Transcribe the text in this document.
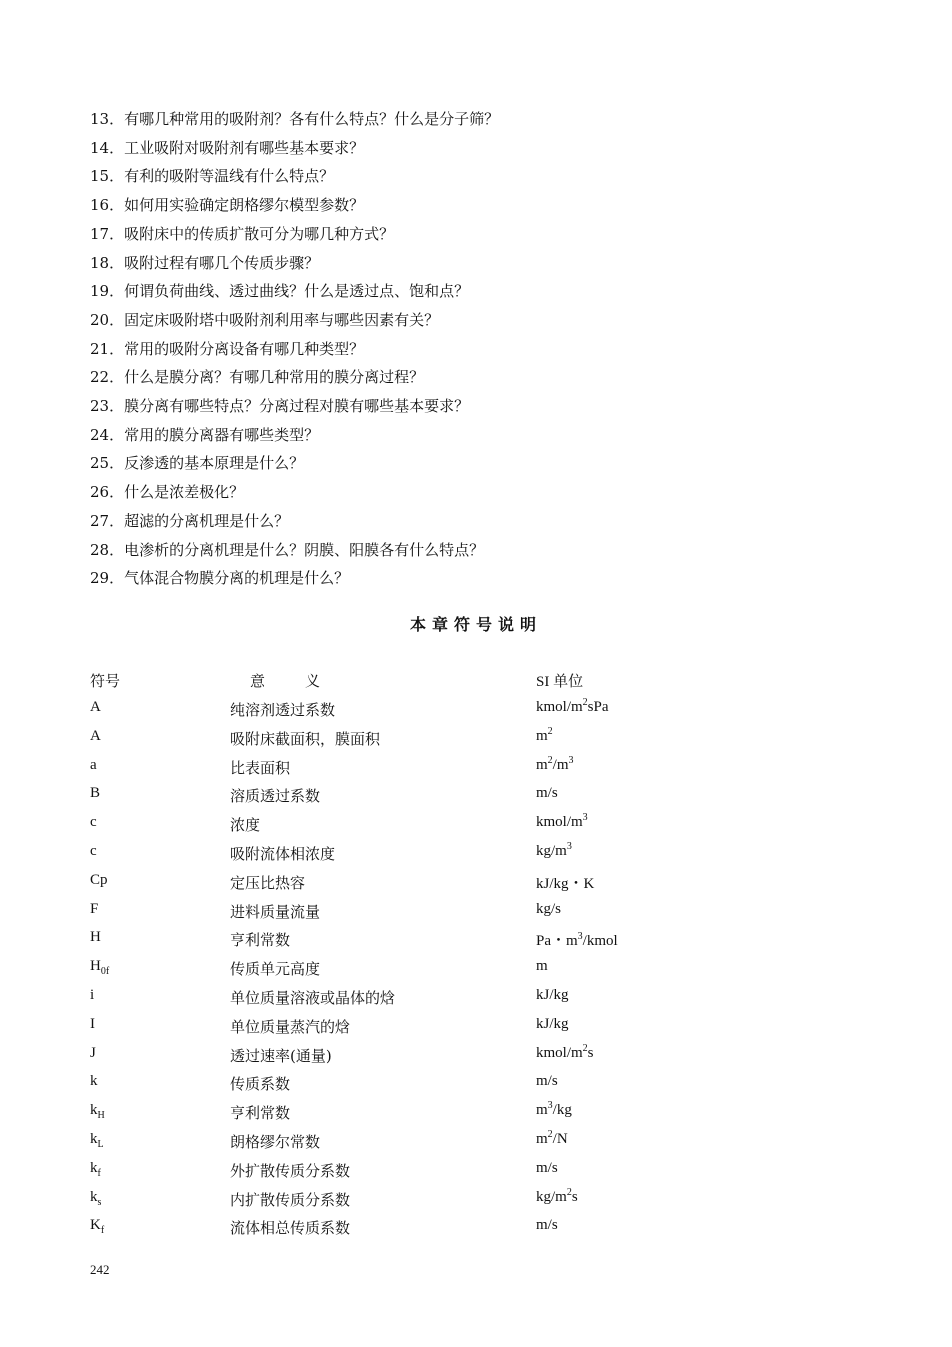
13．有哪几种常用的吸附剂？各有什么特点？什么是分子筛？
14．工业吸附对吸附剂有哪些基本要求？
15．有利的吸附等温线有什么特点？
16．如何用实验确定朗格缪尔模型参数？
17．吸附床中的传质扩散可分为哪几种方式？
18．吸附过程有哪几个传质步骤？
19．何谓负荷曲线、透过曲线？什么是透过点、饱和点？
20．固定床吸附塔中吸附剂利用率与哪些因素有关？
21．常用的吸附分离设备有哪几种类型？
22．什么是膜分离？有哪几种常用的膜分离过程？
23．膜分离有哪些特点？分离过程对膜有哪些基本要求？
24．常用的膜分离器有哪些类型？
25．反渗透的基本原理是什么？
26．什么是浓差极化？
27．超滤的分离机理是什么？
28．电渗析的分离机理是什么？阴膜、阳膜各有什么特点？
29．气体混合物膜分离的机理是什么？
本章符号说明
符号	意义	SI 单位
A	纯溶剂透过系数	kmol/$m^2sPa$
A	吸附床截面积，膜面积	$m^2$
a	比表面积	$m^2/m^3$
B	溶质透过系数	m/s
c	浓度	kmol/$m^3$
c	吸附流体相浓度	$kg/m^3$
Cp	定压比热容	kJ/kg・K
F	进料质量流量	kg/s
H	亨利常数	Pa・$m^3$/kmol
$H_{0f}$	传质单元高度	m
i	单位质量溶液或晶体的焓	kJ/kg
I	单位质量蒸汽的焓	kJ/kg
J	透过速率(通量)	kmol/$m^2s$
k	传质系数	m/s
$k_H$	亨利常数	$m^3/kg$
$k_L$	朗格缪尔常数	$m^2/N$
$k_f$	外扩散传质分系数	m/s
$k_s$	内扩散传质分系数	$kg/m^2s$
$K_f$	流体相总传质系数	m/s
242
